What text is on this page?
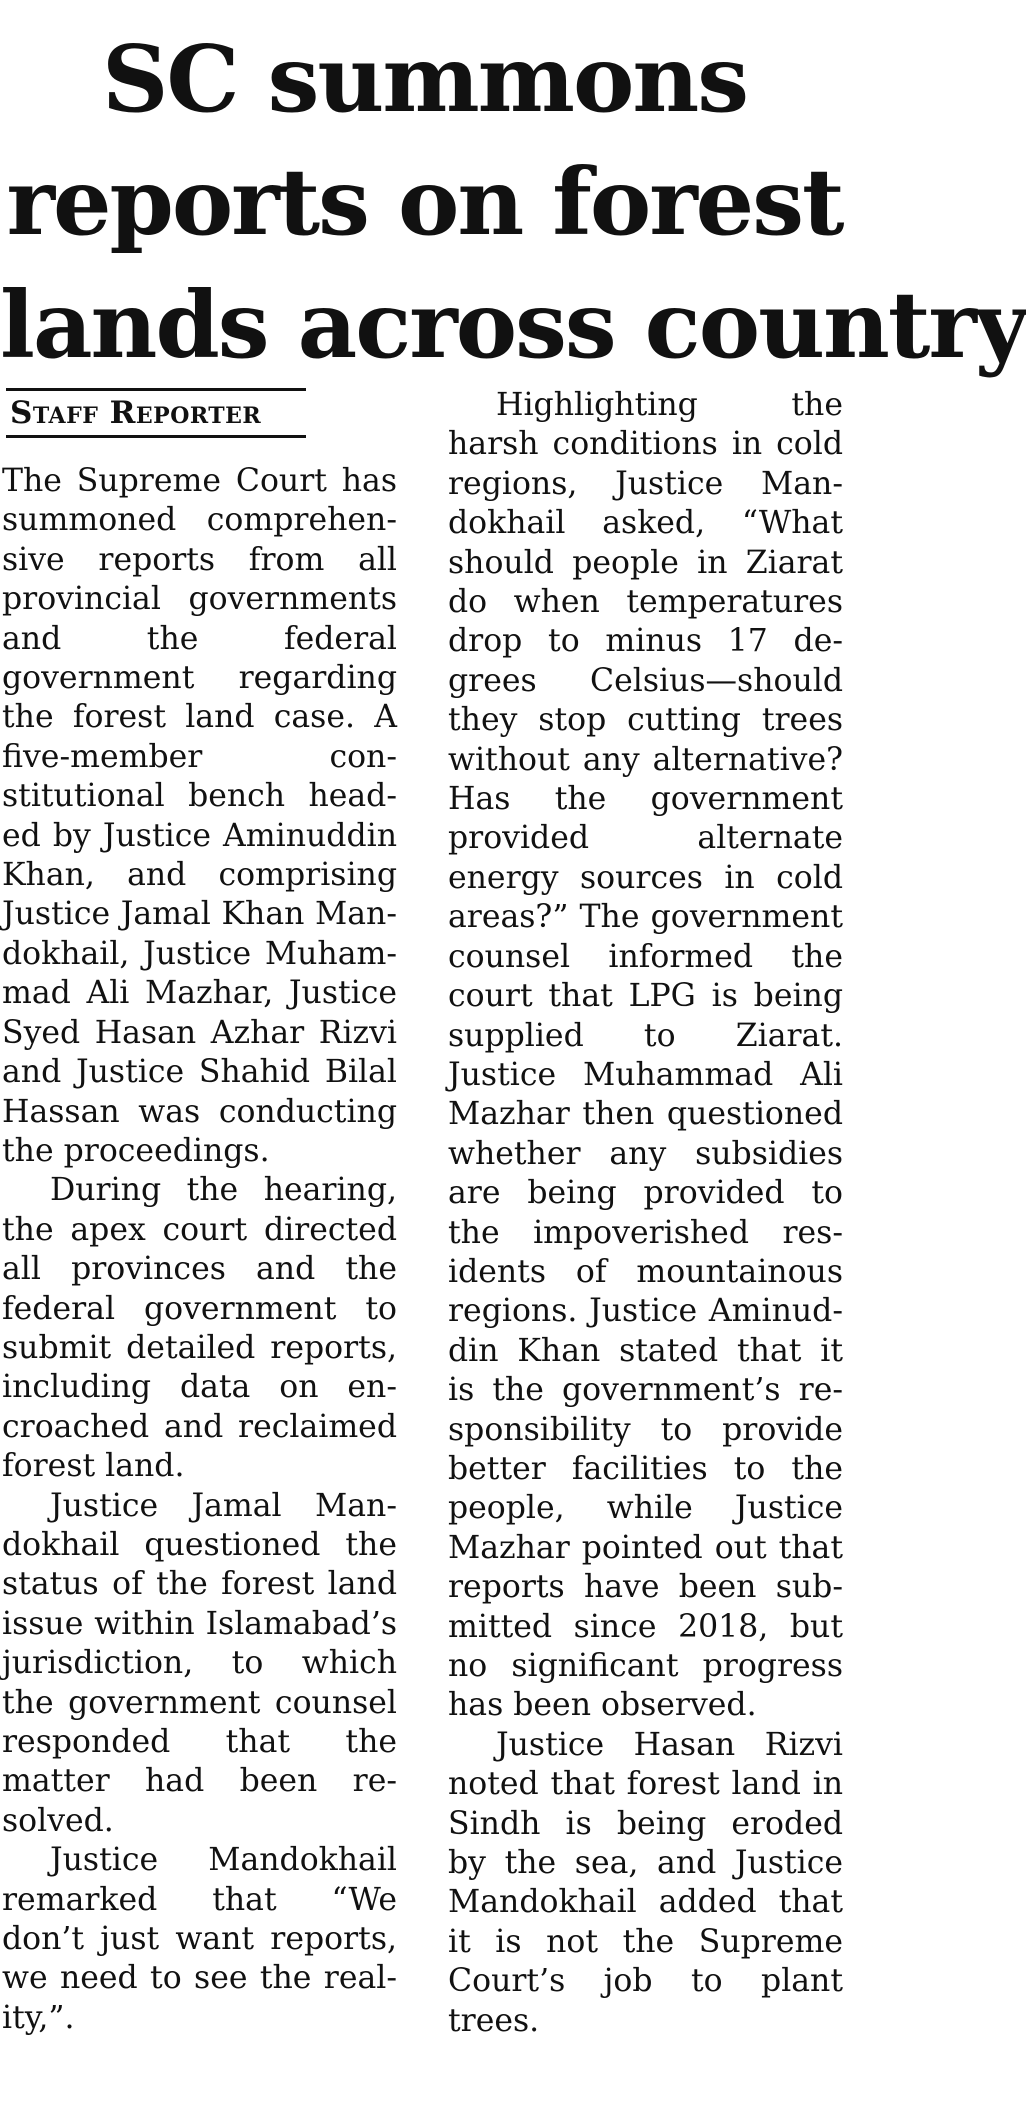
SC summons
reports on forest
lands across country
Staff Reporter

The Supreme Court has summoned comprehensive reports from all provincial governments and the federal government regarding the forest land case. A five-member constitutional bench headed by Justice Aminuddin Khan, and comprising Justice Jamal Khan Mandokhail, Justice Muhammad Ali Mazhar, Justice Syed Hasan Azhar Rizvi and Justice Shahid Bilal Hassan was conducting the proceedings.

During the hearing, the apex court directed all provinces and the federal government to submit detailed reports, including data on encroached and reclaimed forest land.

Justice Jamal Mandokhail questioned the status of the forest land issue within Islamabad’s jurisdiction, to which the government counsel responded that the matter had been resolved.

Justice Mandokhail remarked that “We don’t just want reports, we need to see the reality,”.

Highlighting the harsh conditions in cold regions, Justice Mandokhail asked, “What should people in Ziarat do when temperatures drop to minus 17 degrees Celsius—should they stop cutting trees without any alternative? Has the government provided alternate energy sources in cold areas?” The government counsel informed the court that LPG is being supplied to Ziarat. Justice Muhammad Ali Mazhar then questioned whether any subsidies are being provided to the impoverished residents of mountainous regions. Justice Aminuddin Khan stated that it is the government’s responsibility to provide better facilities to the people, while Justice Mazhar pointed out that reports have been submitted since 2018, but no significant progress has been observed.

Justice Hasan Rizvi noted that forest land in Sindh is being eroded by the sea, and Justice Mandokhail added that it is not the Supreme Court’s job to plant trees.
